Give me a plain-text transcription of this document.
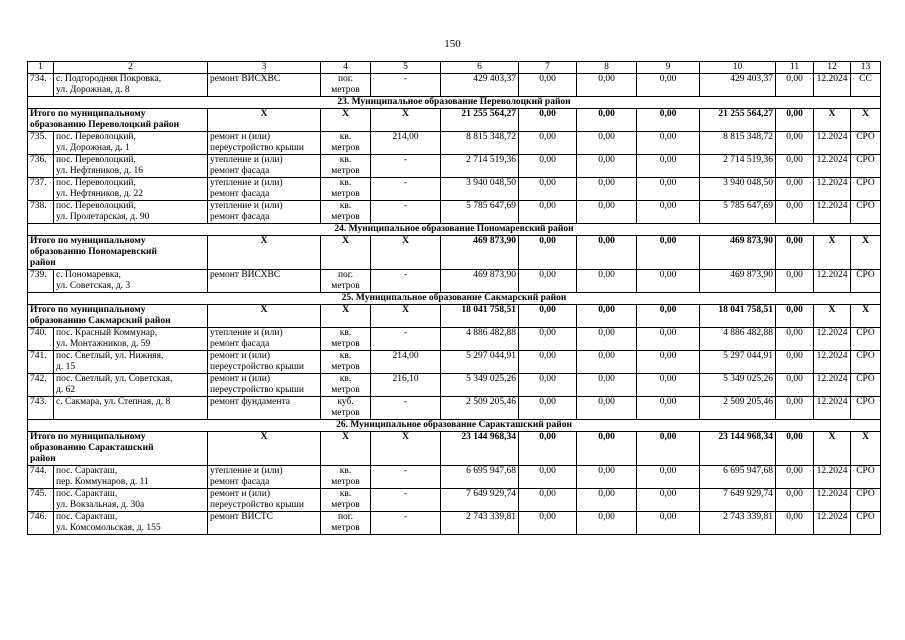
150
1	2	3	4	5	6	7	8	9	10	11	12	13
734.	с. Подгородняя Покровка,
ул. Дорожная, д. 8	ремонт ВИСХВС	пог.
метров	-	429 403,37	0,00	0,00	0,00	429 403,37	0,00	12.2024	СС
23. Муниципальное образование Переволоцкий район												

Итого по муниципальному
образованию Переволоцкий район		Х	Х	Х	21 255 564,27	0,00	0,00	0,00	21 255 564,27	0,00	Х	Х
735.	пос. Переволоцкий,
ул. Дорожная, д. 1	ремонт и (или)
переустройство крыши	кв.
метров	214,00	8 815 348,72	0,00	0,00	0,00	8 815 348,72	0,00	12.2024	СРО
736.	пос. Переволоцкий,
ул. Нефтяников, д. 16	утепление и (или)
ремонт фасада	кв.
метров	-	2 714 519,36	0,00	0,00	0,00	2 714 519,36	0,00	12.2024	СРО
737.	пос. Переволоцкий,
ул. Нефтяников, д. 22	утепление и (или)
ремонт фасада	кв.
метров	-	3 940 048,50	0,00	0,00	0,00	3 940 048,50	0,00	12.2024	СРО
738.	пос. Переволоцкий,
ул. Пролетарская, д. 90	утепление и (или)
ремонт фасада	кв.
метров	-	5 785 647,69	0,00	0,00	0,00	5 785 647,69	0,00	12.2024	СРО
24. Муниципальное образование Пономаревский район												

Итого по муниципальному
образованию Пономаревский
район		Х	Х	Х	469 873,90	0,00	0,00	0,00	469 873,90	0,00	Х	Х
739.	с. Пономаревка,
ул. Советская, д. 3	ремонт ВИСХВС	пог.
метров	-	469 873,90	0,00	0,00	0,00	469 873,90	0,00	12.2024	СРО
25. Муниципальное образование Сакмарский район												

Итого по муниципальному
образованию Сакмарский район		Х	Х	Х	18 041 758,51	0,00	0,00	0,00	18 041 758,51	0,00	Х	Х
740.	пос. Красный Коммунар,
ул. Монтажников, д. 59	утепление и (или)
ремонт фасада	кв.
метров	-	4 886 482,88	0,00	0,00	0,00	4 886 482,88	0,00	12.2024	СРО
741.	пос. Светлый, ул. Нижняя,
д. 15	ремонт и (или)
переустройство крыши	кв.
метров	214,00	5 297 044,91	0,00	0,00	0,00	5 297 044,91	0,00	12.2024	СРО
742.	пос. Светлый, ул. Советская,
д. 62	ремонт и (или)
переустройство крыши	кв.
метров	216,10	5 349 025,26	0,00	0,00	0,00	5 349 025,26	0,00	12.2024	СРО
743.	с. Сакмара, ул. Степная, д. 8	ремонт фундамента	куб.
метров	-	2 509 205,46	0,00	0,00	0,00	2 509 205,46	0,00	12.2024	СРО
26. Муниципальное образование Саракташский район												

Итого по муниципальному
образованию Саракташский
район		Х	Х	Х	23 144 968,34	0,00	0,00	0,00	23 144 968,34	0,00	Х	Х
744.	пос. Саракташ,
пер. Коммунаров, д. 11	утепление и (или)
ремонт фасада	кв.
метров	-	6 695 947,68	0,00	0,00	0,00	6 695 947,68	0,00	12.2024	СРО
745.	пос. Саракташ,
ул. Вокзальная, д. 30а	ремонт и (или)
переустройство крыши	кв.
метров	-	7 649 929,74	0,00	0,00	0,00	7 649 929,74	0,00	12.2024	СРО
746.	пос. Саракташ,
ул. Комсомольская, д. 155	ремонт ВИСТС	пог.
метров	-	2 743 339,81	0,00	0,00	0,00	2 743 339,81	0,00	12.2024	СРО
